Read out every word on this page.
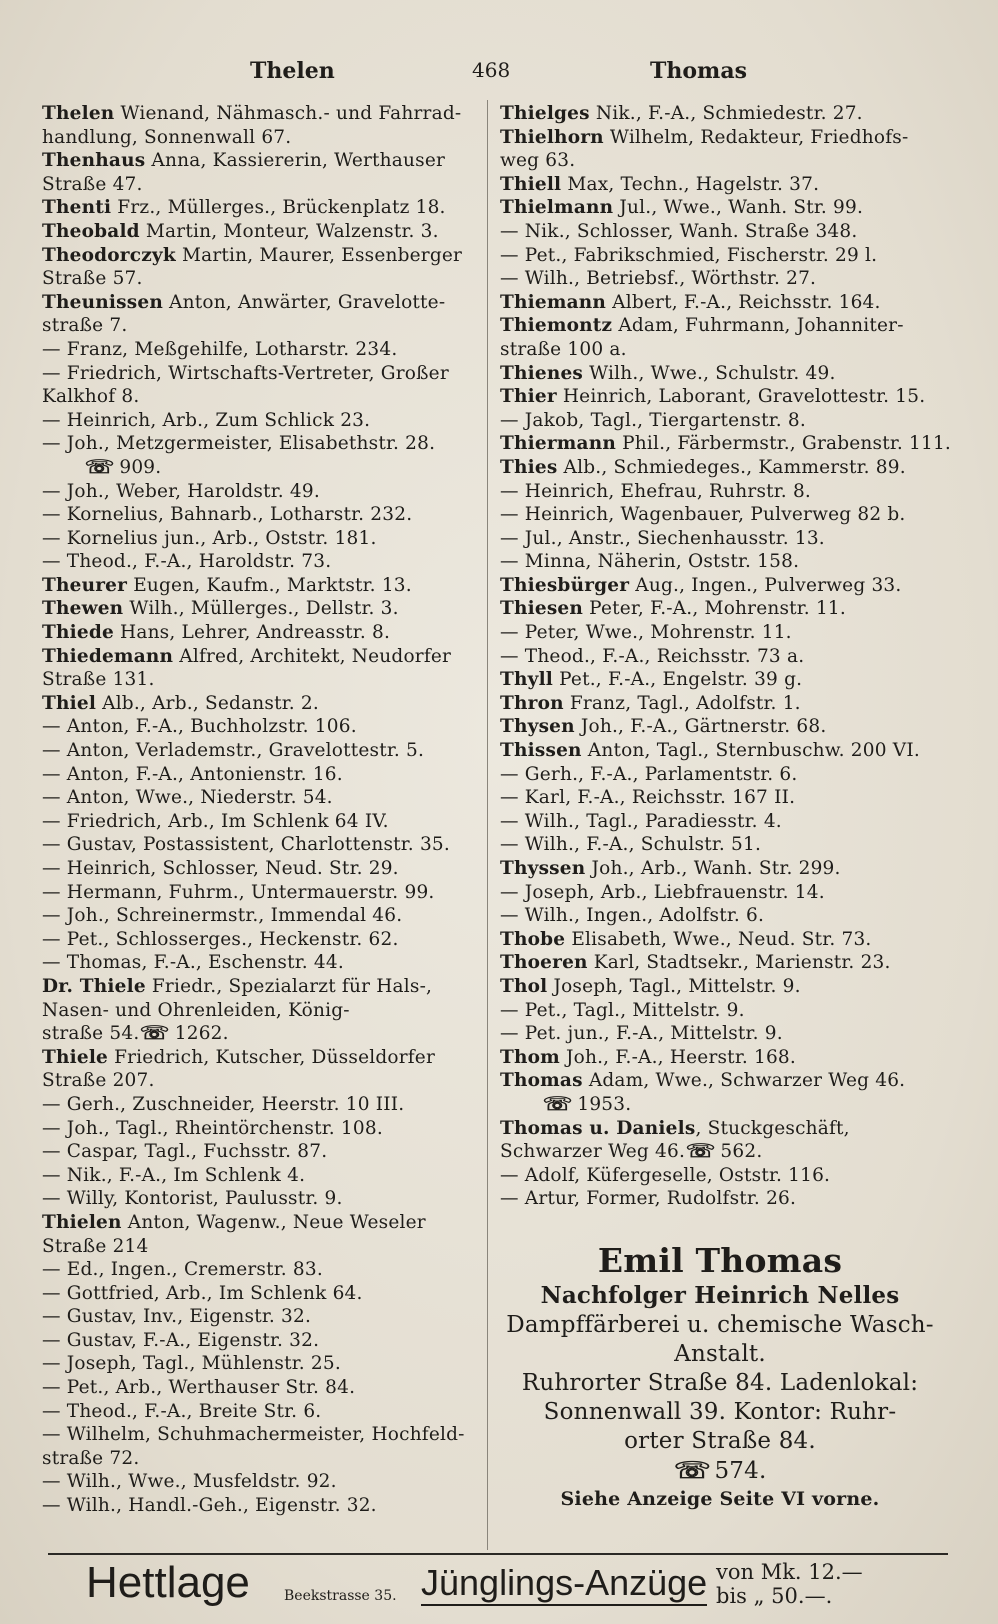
Thelen	468	Thomas
Thelen Wienand, Nähmasch.- und Fahrrad-
handlung, Sonnenwall 67.
Thenhaus Anna, Kassiererin, Werthauser
Straße 47.
Thenti Frz., Müllerges., Brückenplatz 18.
Theobald Martin, Monteur, Walzenstr. 3.
Theodorczyk Martin, Maurer, Essenberger
Straße 57.
Theunissen Anton, Anwärter, Gravelotte-
straße 7.
— Franz, Meßgehilfe, Lotharstr. 234.
— Friedrich, Wirtschafts-Vertreter, Großer
Kalkhof 8.
— Heinrich, Arb., Zum Schlick 23.
— Joh., Metzgermeister, Elisabethstr. 28.
☏ 909.
— Joh., Weber, Haroldstr. 49.
— Kornelius, Bahnarb., Lotharstr. 232.
— Kornelius jun., Arb., Oststr. 181.
— Theod., F.-A., Haroldstr. 73.
Theurer Eugen, Kaufm., Marktstr. 13.
Thewen Wilh., Müllerges., Dellstr. 3.
Thiede Hans, Lehrer, Andreasstr. 8.
Thiedemann Alfred, Architekt, Neudorfer
Straße 131.
Thiel Alb., Arb., Sedanstr. 2.
— Anton, F.-A., Buchholzstr. 106.
— Anton, Verlademstr., Gravelottestr. 5.
— Anton, F.-A., Antonienstr. 16.
— Anton, Wwe., Niederstr. 54.
— Friedrich, Arb., Im Schlenk 64 IV.
— Gustav, Postassistent, Charlottenstr. 35.
— Heinrich, Schlosser, Neud. Str. 29.
— Hermann, Fuhrm., Untermauerstr. 99.
— Joh., Schreinermstr., Immendal 46.
— Pet., Schlosserges., Heckenstr. 62.
— Thomas, F.-A., Eschenstr. 44.
Dr. Thiele Friedr., Spezialarzt für Hals-,
Nasen- und Ohrenleiden, König-
straße 54.☏ 1262.
Thiele Friedrich, Kutscher, Düsseldorfer
Straße 207.
— Gerh., Zuschneider, Heerstr. 10 III.
— Joh., Tagl., Rheintörchenstr. 108.
— Caspar, Tagl., Fuchsstr. 87.
— Nik., F.-A., Im Schlenk 4.
— Willy, Kontorist, Paulusstr. 9.
Thielen Anton, Wagenw., Neue Weseler
Straße 214
— Ed., Ingen., Cremerstr. 83.
— Gottfried, Arb., Im Schlenk 64.
— Gustav, Inv., Eigenstr. 32.
— Gustav, F.-A., Eigenstr. 32.
— Joseph, Tagl., Mühlenstr. 25.
— Pet., Arb., Werthauser Str. 84.
— Theod., F.-A., Breite Str. 6.
— Wilhelm, Schuhmachermeister, Hochfeld-
straße 72.
— Wilh., Wwe., Musfeldstr. 92.
— Wilh., Handl.-Geh., Eigenstr. 32.
Thielges Nik., F.-A., Schmiedestr. 27.
Thielhorn Wilhelm, Redakteur, Friedhofs-
weg 63.
Thiell Max, Techn., Hagelstr. 37.
Thielmann Jul., Wwe., Wanh. Str. 99.
— Nik., Schlosser, Wanh. Straße 348.
— Pet., Fabrikschmied, Fischerstr. 29 l.
— Wilh., Betriebsf., Wörthstr. 27.
Thiemann Albert, F.-A., Reichsstr. 164.
Thiemontz Adam, Fuhrmann, Johanniter-
straße 100 a.
Thienes Wilh., Wwe., Schulstr. 49.
Thier Heinrich, Laborant, Gravelottestr. 15.
— Jakob, Tagl., Tiergartenstr. 8.
Thiermann Phil., Färbermstr., Grabenstr. 111.
Thies Alb., Schmiedeges., Kammerstr. 89.
— Heinrich, Ehefrau, Ruhrstr. 8.
— Heinrich, Wagenbauer, Pulverweg 82 b.
— Jul., Anstr., Siechenhausstr. 13.
— Minna, Näherin, Oststr. 158.
Thiesbürger Aug., Ingen., Pulverweg 33.
Thiesen Peter, F.-A., Mohrenstr. 11.
— Peter, Wwe., Mohrenstr. 11.
— Theod., F.-A., Reichsstr. 73 a.
Thyll Pet., F.-A., Engelstr. 39 g.
Thron Franz, Tagl., Adolfstr. 1.
Thysen Joh., F.-A., Gärtnerstr. 68.
Thissen Anton, Tagl., Sternbuschw. 200 VI.
— Gerh., F.-A., Parlamentstr. 6.
— Karl, F.-A., Reichsstr. 167 II.
— Wilh., Tagl., Paradiesstr. 4.
— Wilh., F.-A., Schulstr. 51.
Thyssen Joh., Arb., Wanh. Str. 299.
— Joseph, Arb., Liebfrauenstr. 14.
— Wilh., Ingen., Adolfstr. 6.
Thobe Elisabeth, Wwe., Neud. Str. 73.
Thoeren Karl, Stadtsekr., Marienstr. 23.
Thol Joseph, Tagl., Mittelstr. 9.
— Pet., Tagl., Mittelstr. 9.
— Pet. jun., F.-A., Mittelstr. 9.
Thom Joh., F.-A., Heerstr. 168.
Thomas Adam, Wwe., Schwarzer Weg 46.
☏ 1953.
Thomas u. Daniels, Stuckgeschäft,
Schwarzer Weg 46.☏ 562.
— Adolf, Küfergeselle, Oststr. 116.
— Artur, Former, Rudolfstr. 26.
Emil Thomas
Nachfolger Heinrich Nelles
Dampffärberei u. chemische Wasch-
Anstalt.
Ruhrorter Straße 84. Ladenlokal:
Sonnenwall 39. Kontor: Ruhr-
orter Straße 84.
☏ 574.
Siehe Anzeige Seite VI vorne.
Hettlage Beekstrasse 35. Jünglings-Anzüge von Mk. 12.—
bis „ 50.—.
